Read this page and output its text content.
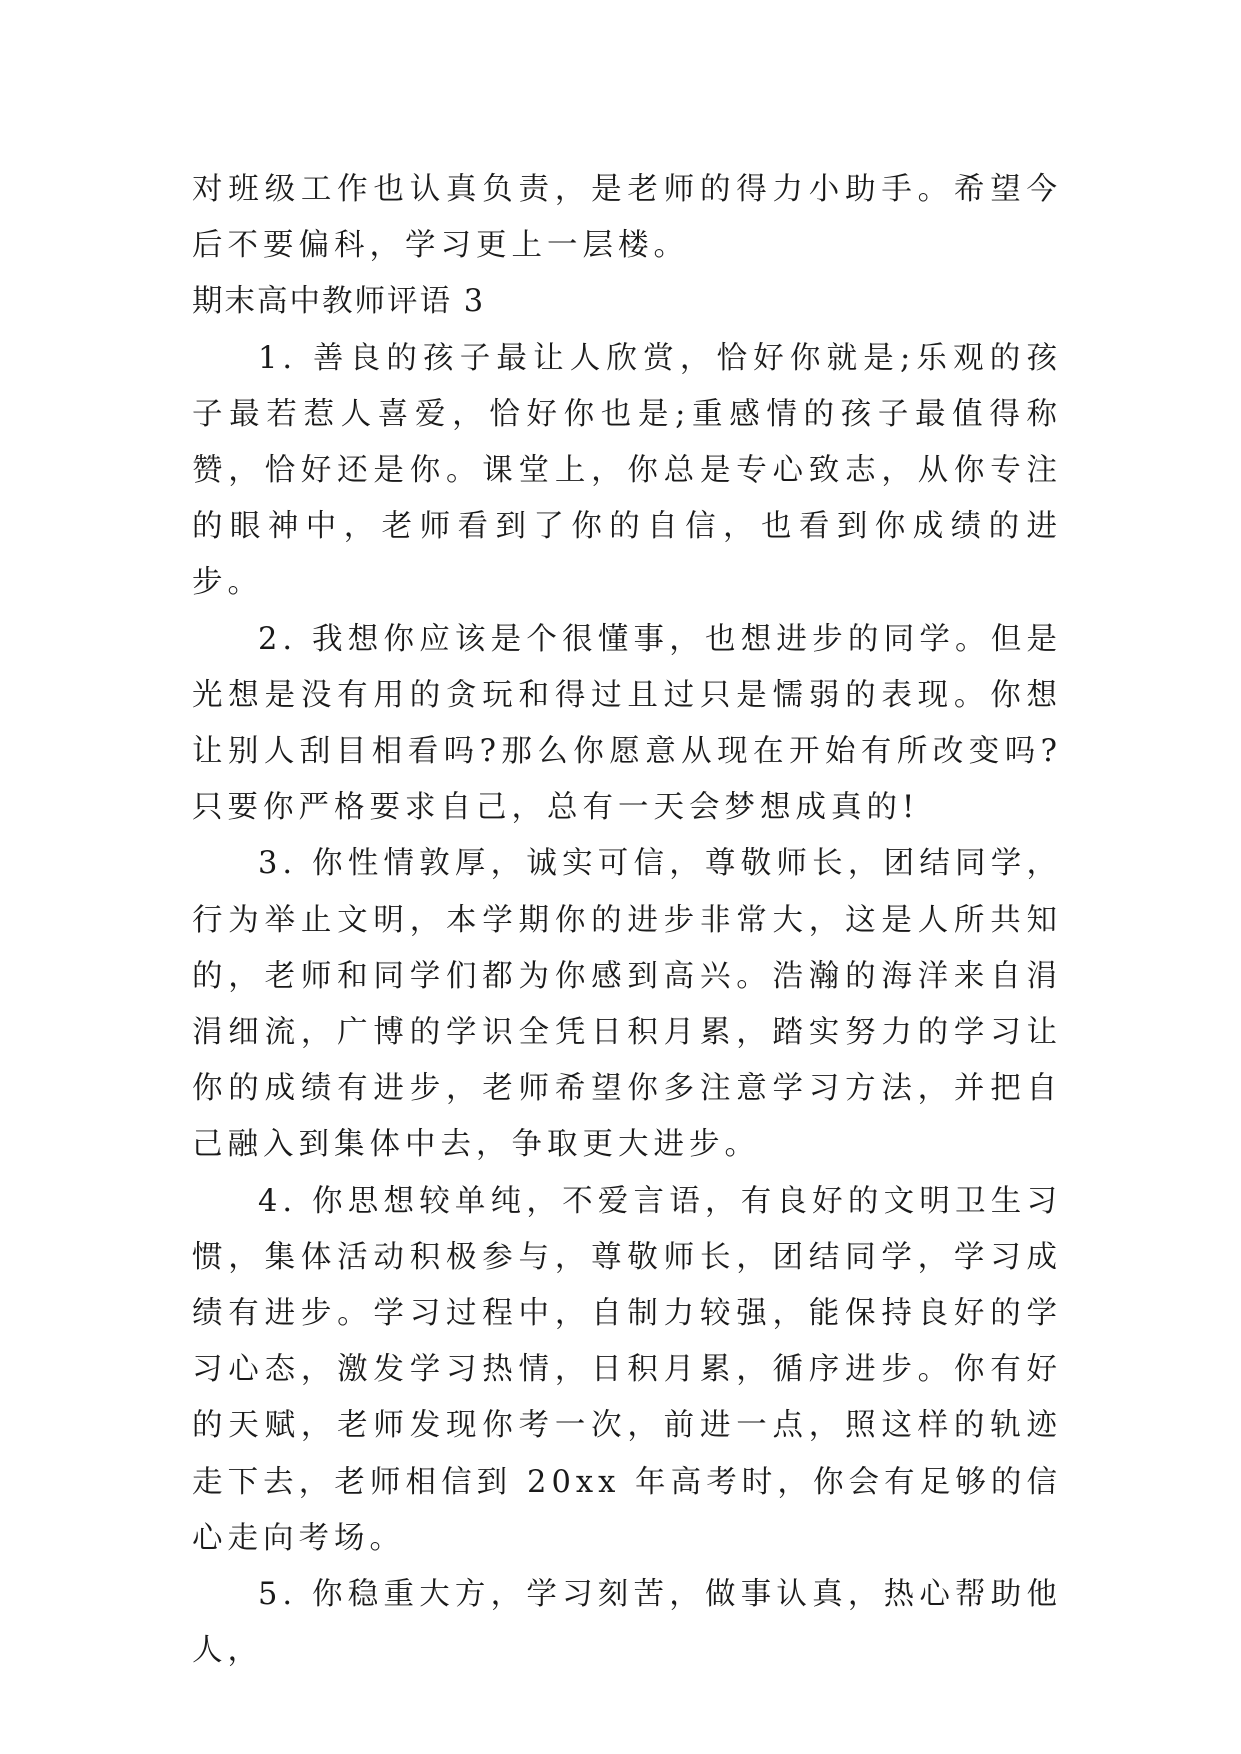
对班级工作也认真负责，是老师的得力小助手。希望今后不要偏科，学习更上一层楼。

期末高中教师评语 3

1. 善良的孩子最让人欣赏，恰好你就是;乐观的孩子最若惹人喜爱，恰好你也是;重感情的孩子最值得称赞，恰好还是你。课堂上，你总是专心致志，从你专注的眼神中，老师看到了你的自信，也看到你成绩的进步。

2. 我想你应该是个很懂事，也想进步的同学。但是光想是没有用的贪玩和得过且过只是懦弱的表现。你想让别人刮目相看吗?那么你愿意从现在开始有所改变吗?只要你严格要求自己，总有一天会梦想成真的!

3. 你性情敦厚，诚实可信，尊敬师长，团结同学，行为举止文明，本学期你的进步非常大，这是人所共知的，老师和同学们都为你感到高兴。浩瀚的海洋来自涓涓细流，广博的学识全凭日积月累，踏实努力的学习让你的成绩有进步，老师希望你多注意学习方法，并把自己融入到集体中去，争取更大进步。

4. 你思想较单纯，不爱言语，有良好的文明卫生习惯，集体活动积极参与，尊敬师长，团结同学，学习成绩有进步。学习过程中，自制力较强，能保持良好的学习心态，激发学习热情，日积月累，循序进步。你有好的天赋，老师发现你考一次，前进一点，照这样的轨迹走下去，老师相信到 20xx 年高考时，你会有足够的信心走向考场。

5. 你稳重大方，学习刻苦，做事认真，热心帮助他人，
